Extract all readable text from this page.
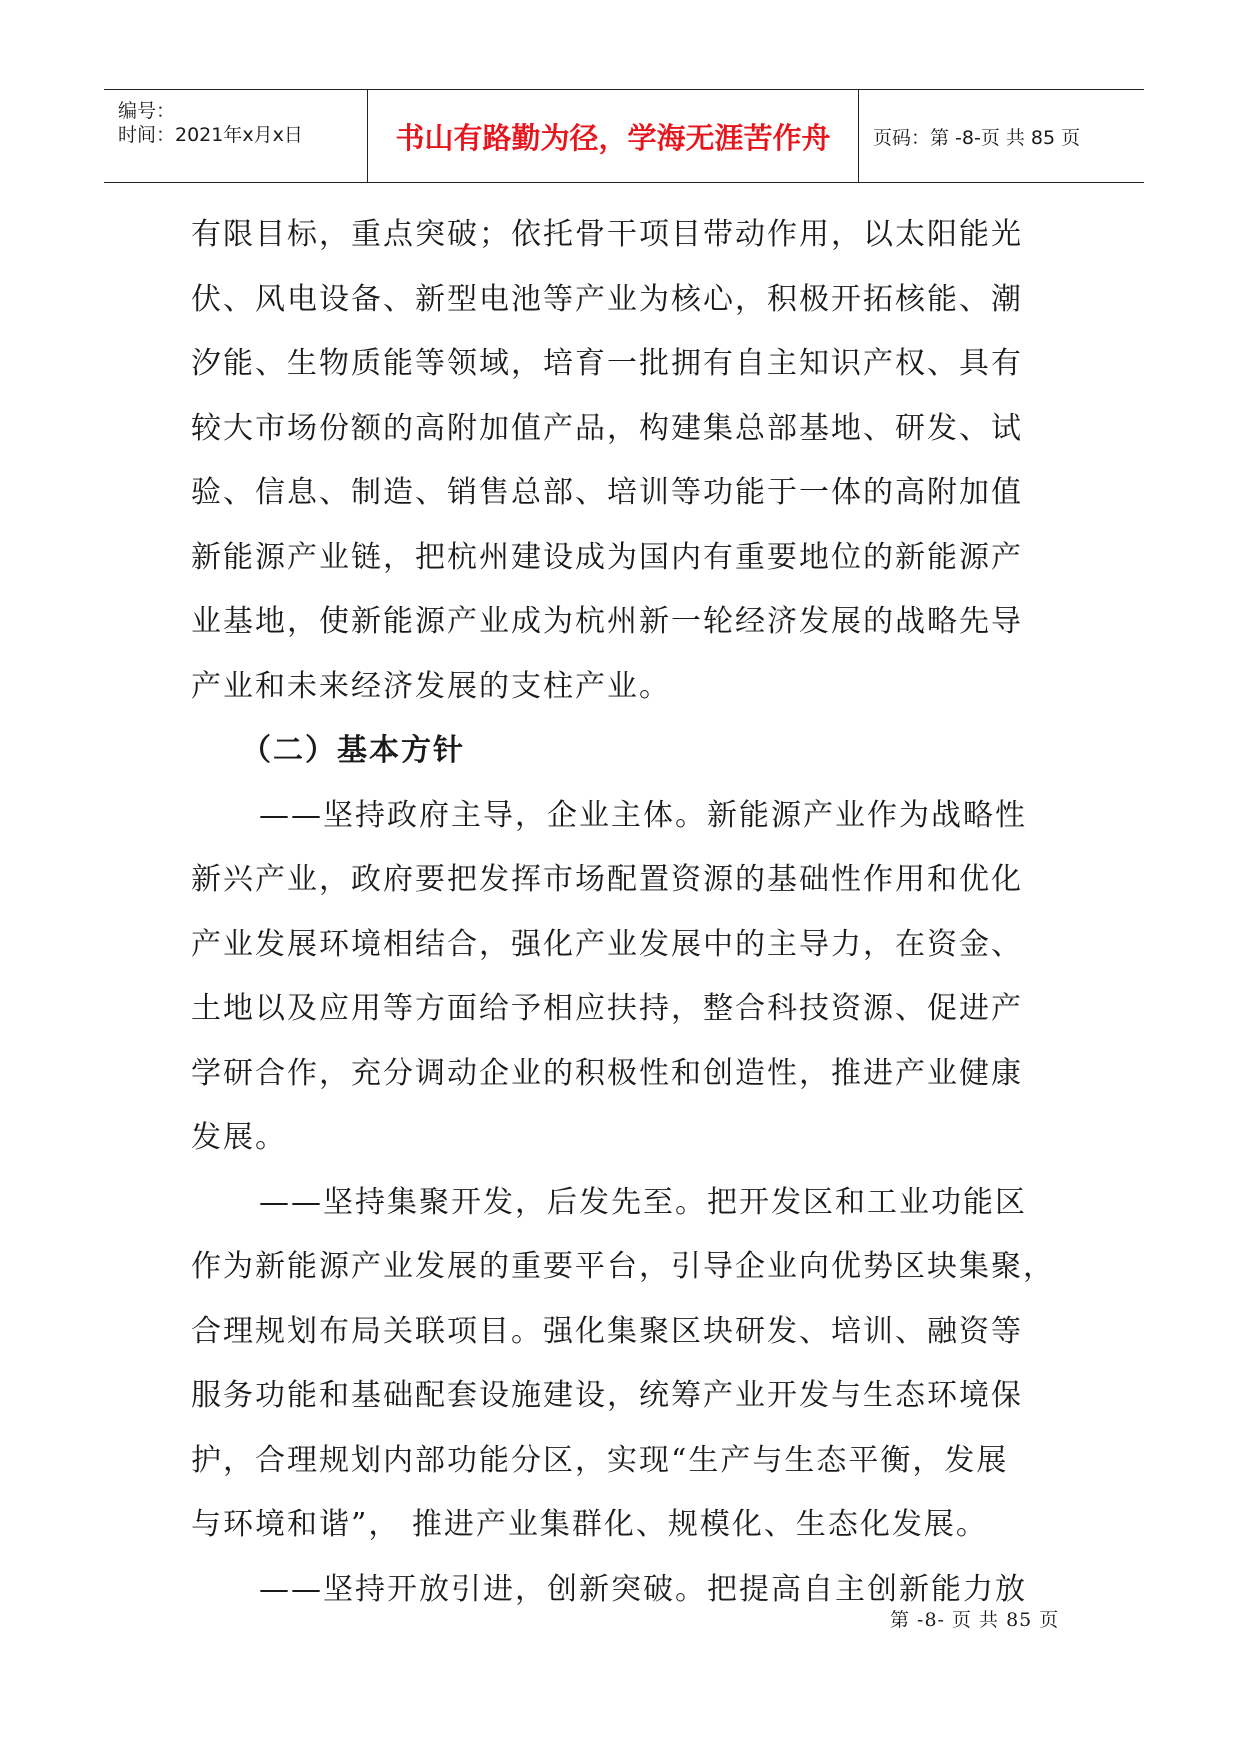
编号：
时间：2021年x月x日	书山有路勤为径，学海无涯苦作舟	页码：第 -8-页 共 85 页
有限目标，重点突破；依托骨干项目带动作用，以太阳能光
伏、风电设备、新型电池等产业为核心，积极开拓核能、潮
汐能、生物质能等领域，培育一批拥有自主知识产权、具有
较大市场份额的高附加值产品，构建集总部基地、研发、试
验、信息、制造、销售总部、培训等功能于一体的高附加值
新能源产业链，把杭州建设成为国内有重要地位的新能源产
业基地，使新能源产业成为杭州新一轮经济发展的战略先导
产业和未来经济发展的支柱产业。
（二）基本方针
——坚持政府主导，企业主体。新能源产业作为战略性
新兴产业，政府要把发挥市场配置资源的基础性作用和优化
产业发展环境相结合，强化产业发展中的主导力，在资金、
土地以及应用等方面给予相应扶持，整合科技资源、促进产
学研合作，充分调动企业的积极性和创造性，推进产业健康
发展。
——坚持集聚开发，后发先至。把开发区和工业功能区
作为新能源产业发展的重要平台，引导企业向优势区块集聚，
合理规划布局关联项目。强化集聚区块研发、培训、融资等
服务功能和基础配套设施建设，统筹产业开发与生态环境保
护，合理规划内部功能分区，实现“生产与生态平衡，发展
与环境和谐”， 推进产业集群化、规模化、生态化发展。
——坚持开放引进，创新突破。把提高自主创新能力放
第 -8- 页 共 85 页
